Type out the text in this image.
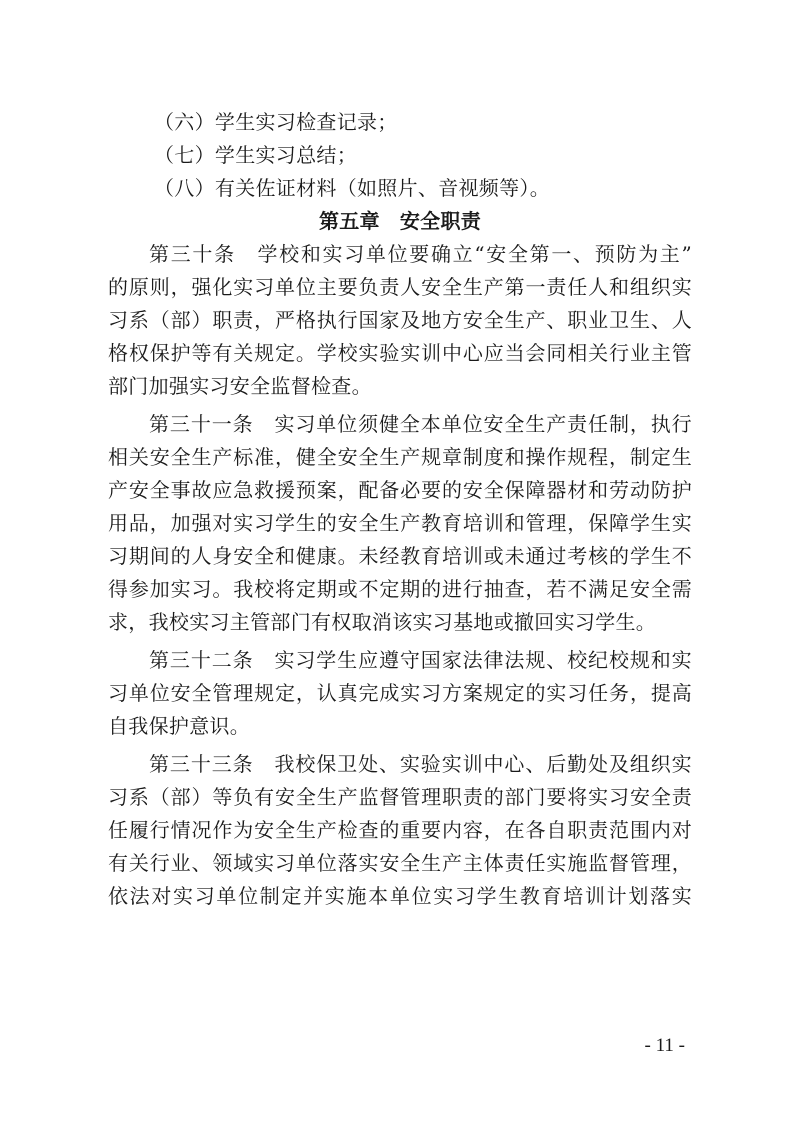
（六）学生实习检查记录；
（七）学生实习总结；
（八）有关佐证材料（如照片、音视频等）。
第五章 安全职责
第三十条　学校和实习单位要确立“安全第一、预防为主”
的原则，强化实习单位主要负责人安全生产第一责任人和组织实
习系（部）职责，严格执行国家及地方安全生产、职业卫生、人
格权保护等有关规定。学校实验实训中心应当会同相关行业主管
部门加强实习安全监督检查。
第三十一条　实习单位须健全本单位安全生产责任制，执行
相关安全生产标准，健全安全生产规章制度和操作规程，制定生
产安全事故应急救援预案，配备必要的安全保障器材和劳动防护
用品，加强对实习学生的安全生产教育培训和管理，保障学生实
习期间的人身安全和健康。未经教育培训或未通过考核的学生不
得参加实习。我校将定期或不定期的进行抽查，若不满足安全需
求，我校实习主管部门有权取消该实习基地或撤回实习学生。
第三十二条　实习学生应遵守国家法律法规、校纪校规和实
习单位安全管理规定，认真完成实习方案规定的实习任务，提高
自我保护意识。
第三十三条　我校保卫处、实验实训中心、后勤处及组织实
习系（部）等负有安全生产监督管理职责的部门要将实习安全责
任履行情况作为安全生产检查的重要内容，在各自职责范围内对
有关行业、领域实习单位落实安全生产主体责任实施监督管理，
依法对实习单位制定并实施本单位实习学生教育培训计划落实
- 11 -
